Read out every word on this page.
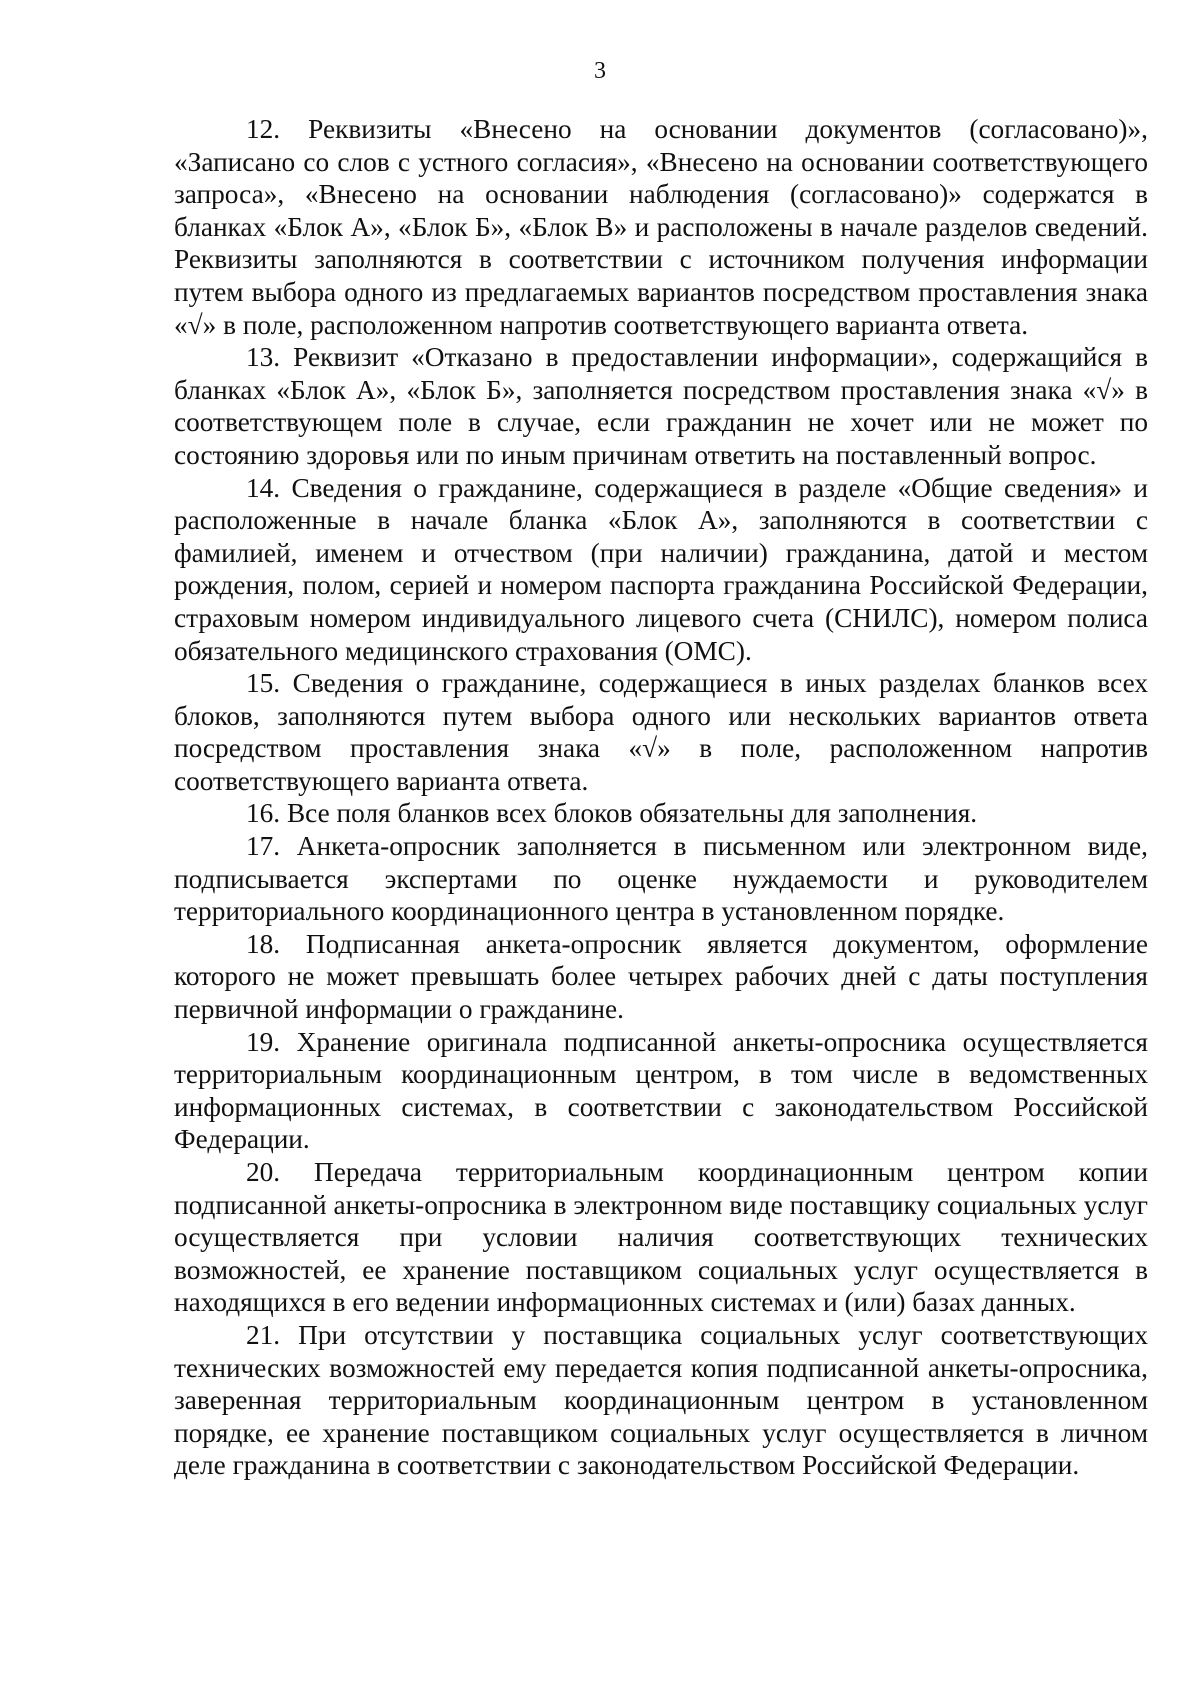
3

12. Реквизиты «Внесено на основании документов (согласовано)», «Записано со слов с устного согласия», «Внесено на основании соответствующего запроса», «Внесено на основании наблюдения (согласовано)» содержатся в бланках «Блок А», «Блок Б», «Блок В» и расположены в начале разделов сведений. Реквизиты заполняются в соответствии с источником получения информации путем выбора одного из предлагаемых вариантов посредством проставления знака «√» в поле, расположенном напротив соответствующего варианта ответа.

13. Реквизит «Отказано в предоставлении информации», содержащийся в бланках «Блок А», «Блок Б», заполняется посредством проставления знака «√» в соответствующем поле в случае, если гражданин не хочет или не может по состоянию здоровья или по иным причинам ответить на поставленный вопрос.

14. Сведения о гражданине, содержащиеся в разделе «Общие сведения» и расположенные в начале бланка «Блок А», заполняются в соответствии с фамилией, именем и отчеством (при наличии) гражданина, датой и местом рождения, полом, серией и номером паспорта гражданина Российской Федерации, страховым номером индивидуального лицевого счета (СНИЛС), номером полиса обязательного медицинского страхования (ОМС).

15. Сведения о гражданине, содержащиеся в иных разделах бланков всех блоков, заполняются путем выбора одного или нескольких вариантов ответа посредством проставления знака «√» в поле, расположенном напротив соответствующего варианта ответа.

16. Все поля бланков всех блоков обязательны для заполнения.

17. Анкета-опросник заполняется в письменном или электронном виде, подписывается экспертами по оценке нуждаемости и руководителем территориального координационного центра в установленном порядке.

18. Подписанная анкета-опросник является документом, оформление которого не может превышать более четырех рабочих дней с даты поступления первичной информации о гражданине.

19. Хранение оригинала подписанной анкеты-опросника осуществляется территориальным координационным центром, в том числе в ведомственных информационных системах, в соответствии с законодательством Российской Федерации.

20. Передача территориальным координационным центром копии подписанной анкеты-опросника в электронном виде поставщику социальных услуг осуществляется при условии наличия соответствующих технических возможностей, ее хранение поставщиком социальных услуг осуществляется в находящихся в его ведении информационных системах и (или) базах данных.

21. При отсутствии у поставщика социальных услуг соответствующих технических возможностей ему передается копия подписанной анкеты-опросника, заверенная территориальным координационным центром в установленном порядке, ее хранение поставщиком социальных услуг осуществляется в личном деле гражданина в соответствии с законодательством Российской Федерации.
